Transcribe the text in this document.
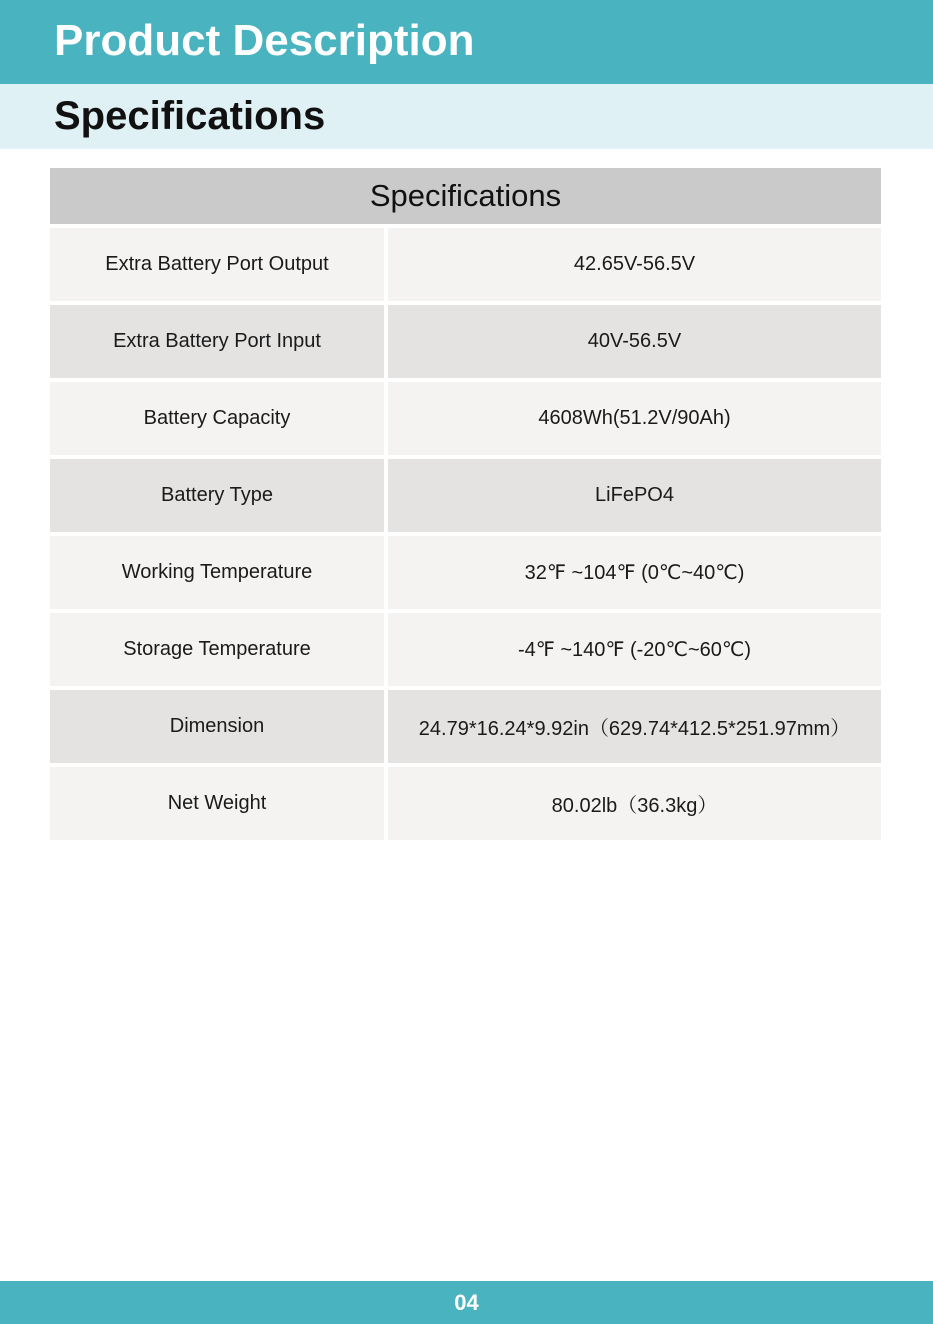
Product Description
Specifications
Specifications
Extra Battery Port Output	42.65V-56.5V
Extra Battery Port Input	40V-56.5V
Battery Capacity	4608Wh(51.2V/90Ah)
Battery Type	LiFePO4
Working Temperature	32℉ ~104℉ (0℃~40℃)
Storage Temperature	-4℉ ~140℉ (-20℃~60℃)
Dimension	24.79*16.24*9.92in（629.74*412.5*251.97mm）
Net Weight	80.02lb（36.3kg）
04
